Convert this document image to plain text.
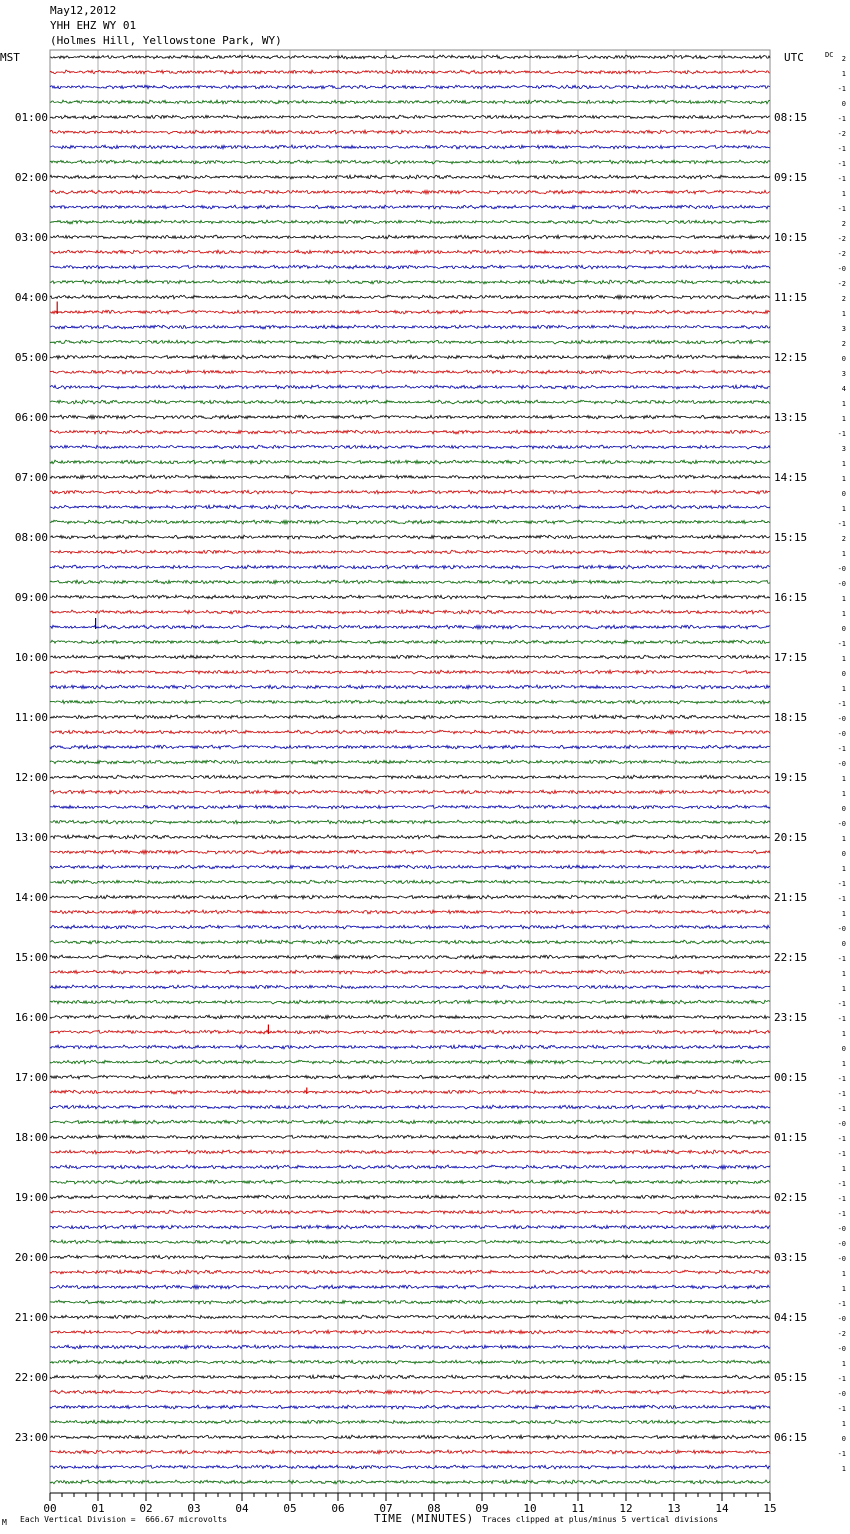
May12,2012
YHH EHZ WY 01
(Holmes Hill, Yellowstone Park, WY)
MST	UTC	DC
01:00
02:00
03:00
04:00
05:00
06:00
07:00
08:00
09:00
10:00
11:00
12:00
13:00
14:00
15:00
16:00
17:00
18:00
19:00
20:00
21:00
22:00
23:00
08:15
09:15
10:15
11:15
12:15
13:15
14:15
15:15
16:15
17:15
18:15
19:15
20:15
21:15
22:15
23:15
00:15
01:15
02:15
03:15
04:15
05:15
06:15
2
1
-1
0
-1
-2
-1
-1
-1
1
-1
2
-2
-2
-0
-2
2
1
3
2
0
3
4
1
1
-1
3
1
1
0
1
-1
2
1
-0
-0
1
1
0
-1
1
0
1
-1
-0
-0
-1
-0
1
1
0
-0
1
0
1
-1
-1
1
-0
0
-1
1
1
-1
-1
1
0
1
-1
-1
-1
-0
-1
-1
1
-1
-1
-1
-0
-0
-0
1
1
-1
-0
-2
-0
1
-1
-0
-1
1
0
-1
1
00	01	02	03	04	05	06	07	08	09	10	11	12	13	14	15
M Each Vertical Division =  666.67 microvolts	TIME (MINUTES) Traces clipped at plus/minus 5 vertical divisions
